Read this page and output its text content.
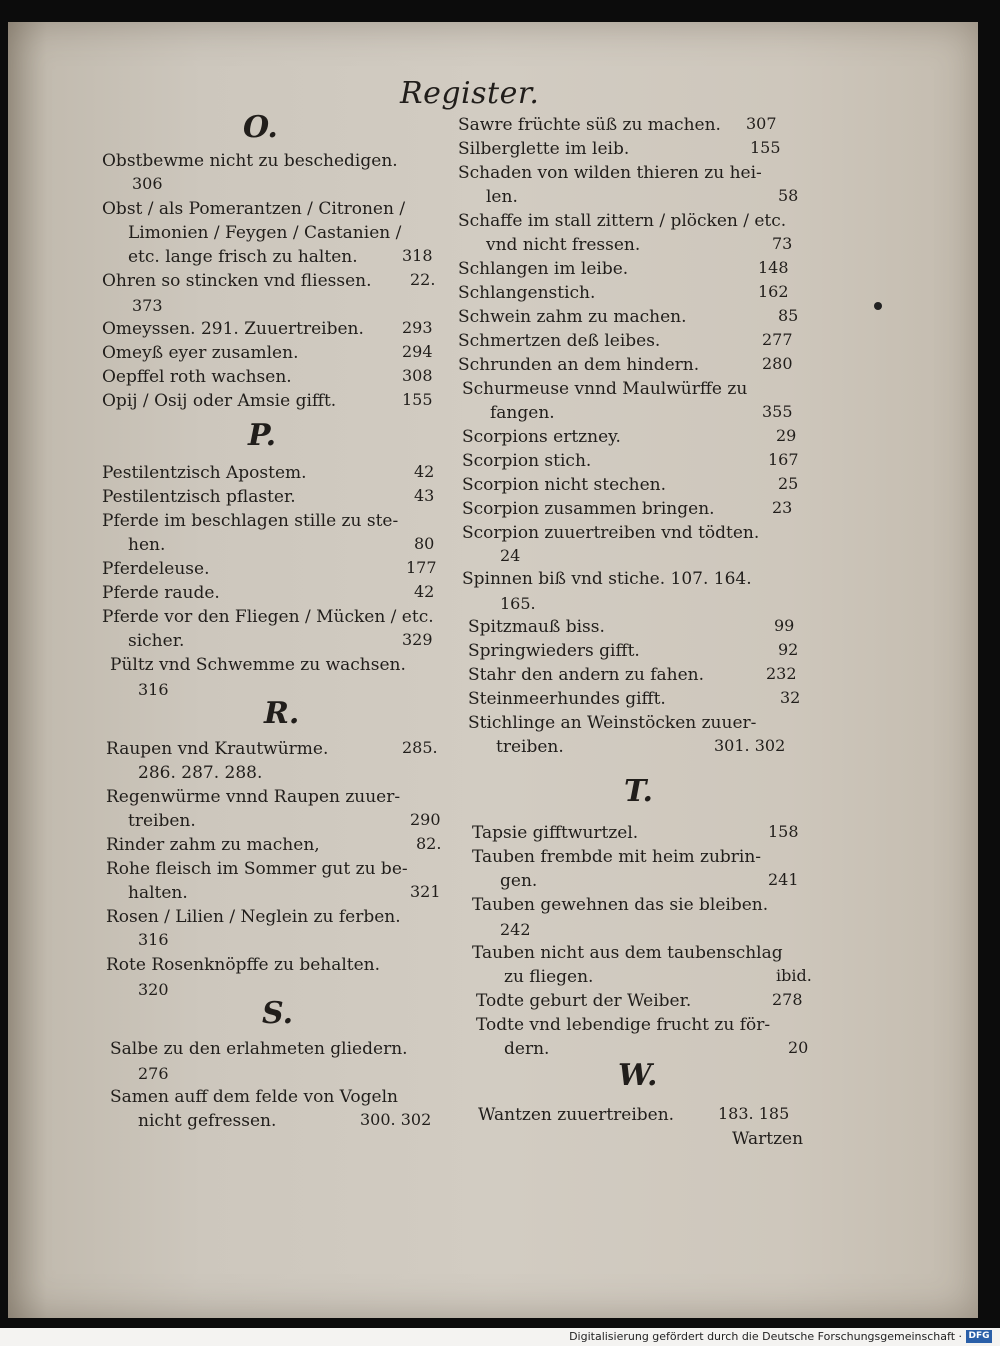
Register.
O.
Obstbewme nicht zu beschedigen.
306
Obst / als Pomerantzen / Citronen /
Limonien / Feygen / Castanien /
etc. lange frisch zu halten.	318
Ohren so stincken vnd fliessen. 22.
373
Omeyssen. 291. Zuuertreiben. 293
Omeyß eyer zusamlen.	294
Oepffel roth wachsen.	308
Opij / Osij oder Amsie gifft.	155
P.
Pestilentzisch Apostem.	42
Pestilentzisch pflaster.	43
Pferde im beschlagen stille zu ste-
hen.	80
Pferdeleuse.	177
Pferde raude.	42
Pferde vor den Fliegen / Mücken / etc.
sicher.	329
Pültz vnd Schwemme zu wachsen.
316
R.
Raupen vnd Krautwürme.	285.
286. 287. 288.
Regenwürme vnnd Raupen zuuer-
treiben.	290
Rinder zahm zu machen,	82.
Rohe fleisch im Sommer gut zu be-
halten.	321
Rosen / Lilien / Neglein zu ferben.
316
Rote Rosenknöpffe zu behalten.
320
S.
Salbe zu den erlahmeten gliedern.
276
Samen auff dem felde von Vogeln
nicht gefressen.	300. 302
Sawre früchte süß zu machen. 307
Silberglette im leib.	155
Schaden von wilden thieren zu hei-
len.	58
Schaffe im stall zittern / plöcken / etc.
vnd nicht fressen.	73
Schlangen im leibe.	148
Schlangenstich.	162
Schwein zahm zu machen.	85
Schmertzen deß leibes.	277
Schrunden an dem hindern.	280
Schurmeuse vnnd Maulwürffe zu
fangen.	355
Scorpions ertzney.	29
Scorpion stich.	167
Scorpion nicht stechen.	25
Scorpion zusammen bringen.	23
Scorpion zuuertreiben vnd tödten.
24
Spinnen biß vnd stiche. 107. 164.
165.
Spitzmauß biss.	99
Springwieders gifft.	92
Stahr den andern zu fahen.	232
Steinmeerhundes gifft.	32
Stichlinge an Weinstöcken zuuer-
treiben.	301. 302
T.
Tapsie gifftwurtzel.	158
Tauben frembde mit heim zubrin-
gen.	241
Tauben gewehnen das sie bleiben.
242
Tauben nicht aus dem taubenschlag
zu fliegen.	ibid.
Todte geburt der Weiber.	278
Todte vnd lebendige frucht zu för-
dern.	20
W.
Wantzen zuuertreiben.	183. 185
Wartzen
Digitalisierung gefördert durch die Deutsche Forschungsgemeinschaft · DFG
